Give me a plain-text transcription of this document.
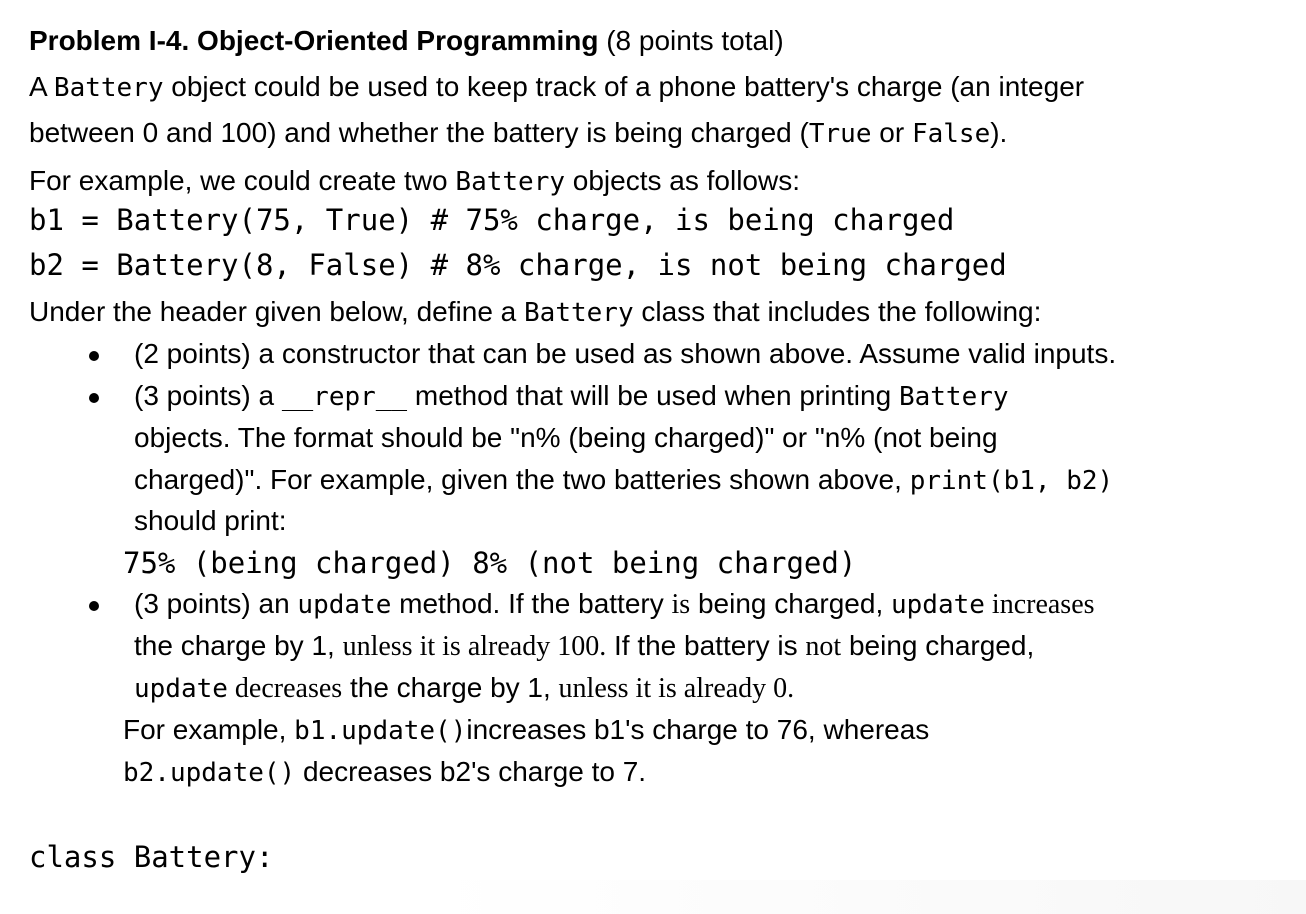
Problem I-4. Object-Oriented Programming (8 points total)
A Battery object could be used to keep track of a phone battery's charge (an integer
between 0 and 100) and whether the battery is being charged (True or False).
For example, we could create two Battery objects as follows:
b1 = Battery(75, True) # 75% charge, is being charged
b2 = Battery(8, False) # 8% charge, is not being charged
Under the header given below, define a Battery class that includes the following:
(2 points) a constructor that can be used as shown above. Assume valid inputs.
(3 points) a __repr__ method that will be used when printing Battery
objects. The format should be "n% (being charged)" or "n% (not being
charged)". For example, given the two batteries shown above, print(b1, b2)
should print:
75% (being charged) 8% (not being charged)
(3 points) an update method. If the battery is being charged, update increases
the charge by 1, unless it is already 100. If the battery is not being charged,
update decreases the charge by 1, unless it is already 0.
For example, b1.update()increases b1's charge to 76, whereas
b2.update() decreases b2's charge to 7.
class Battery:
